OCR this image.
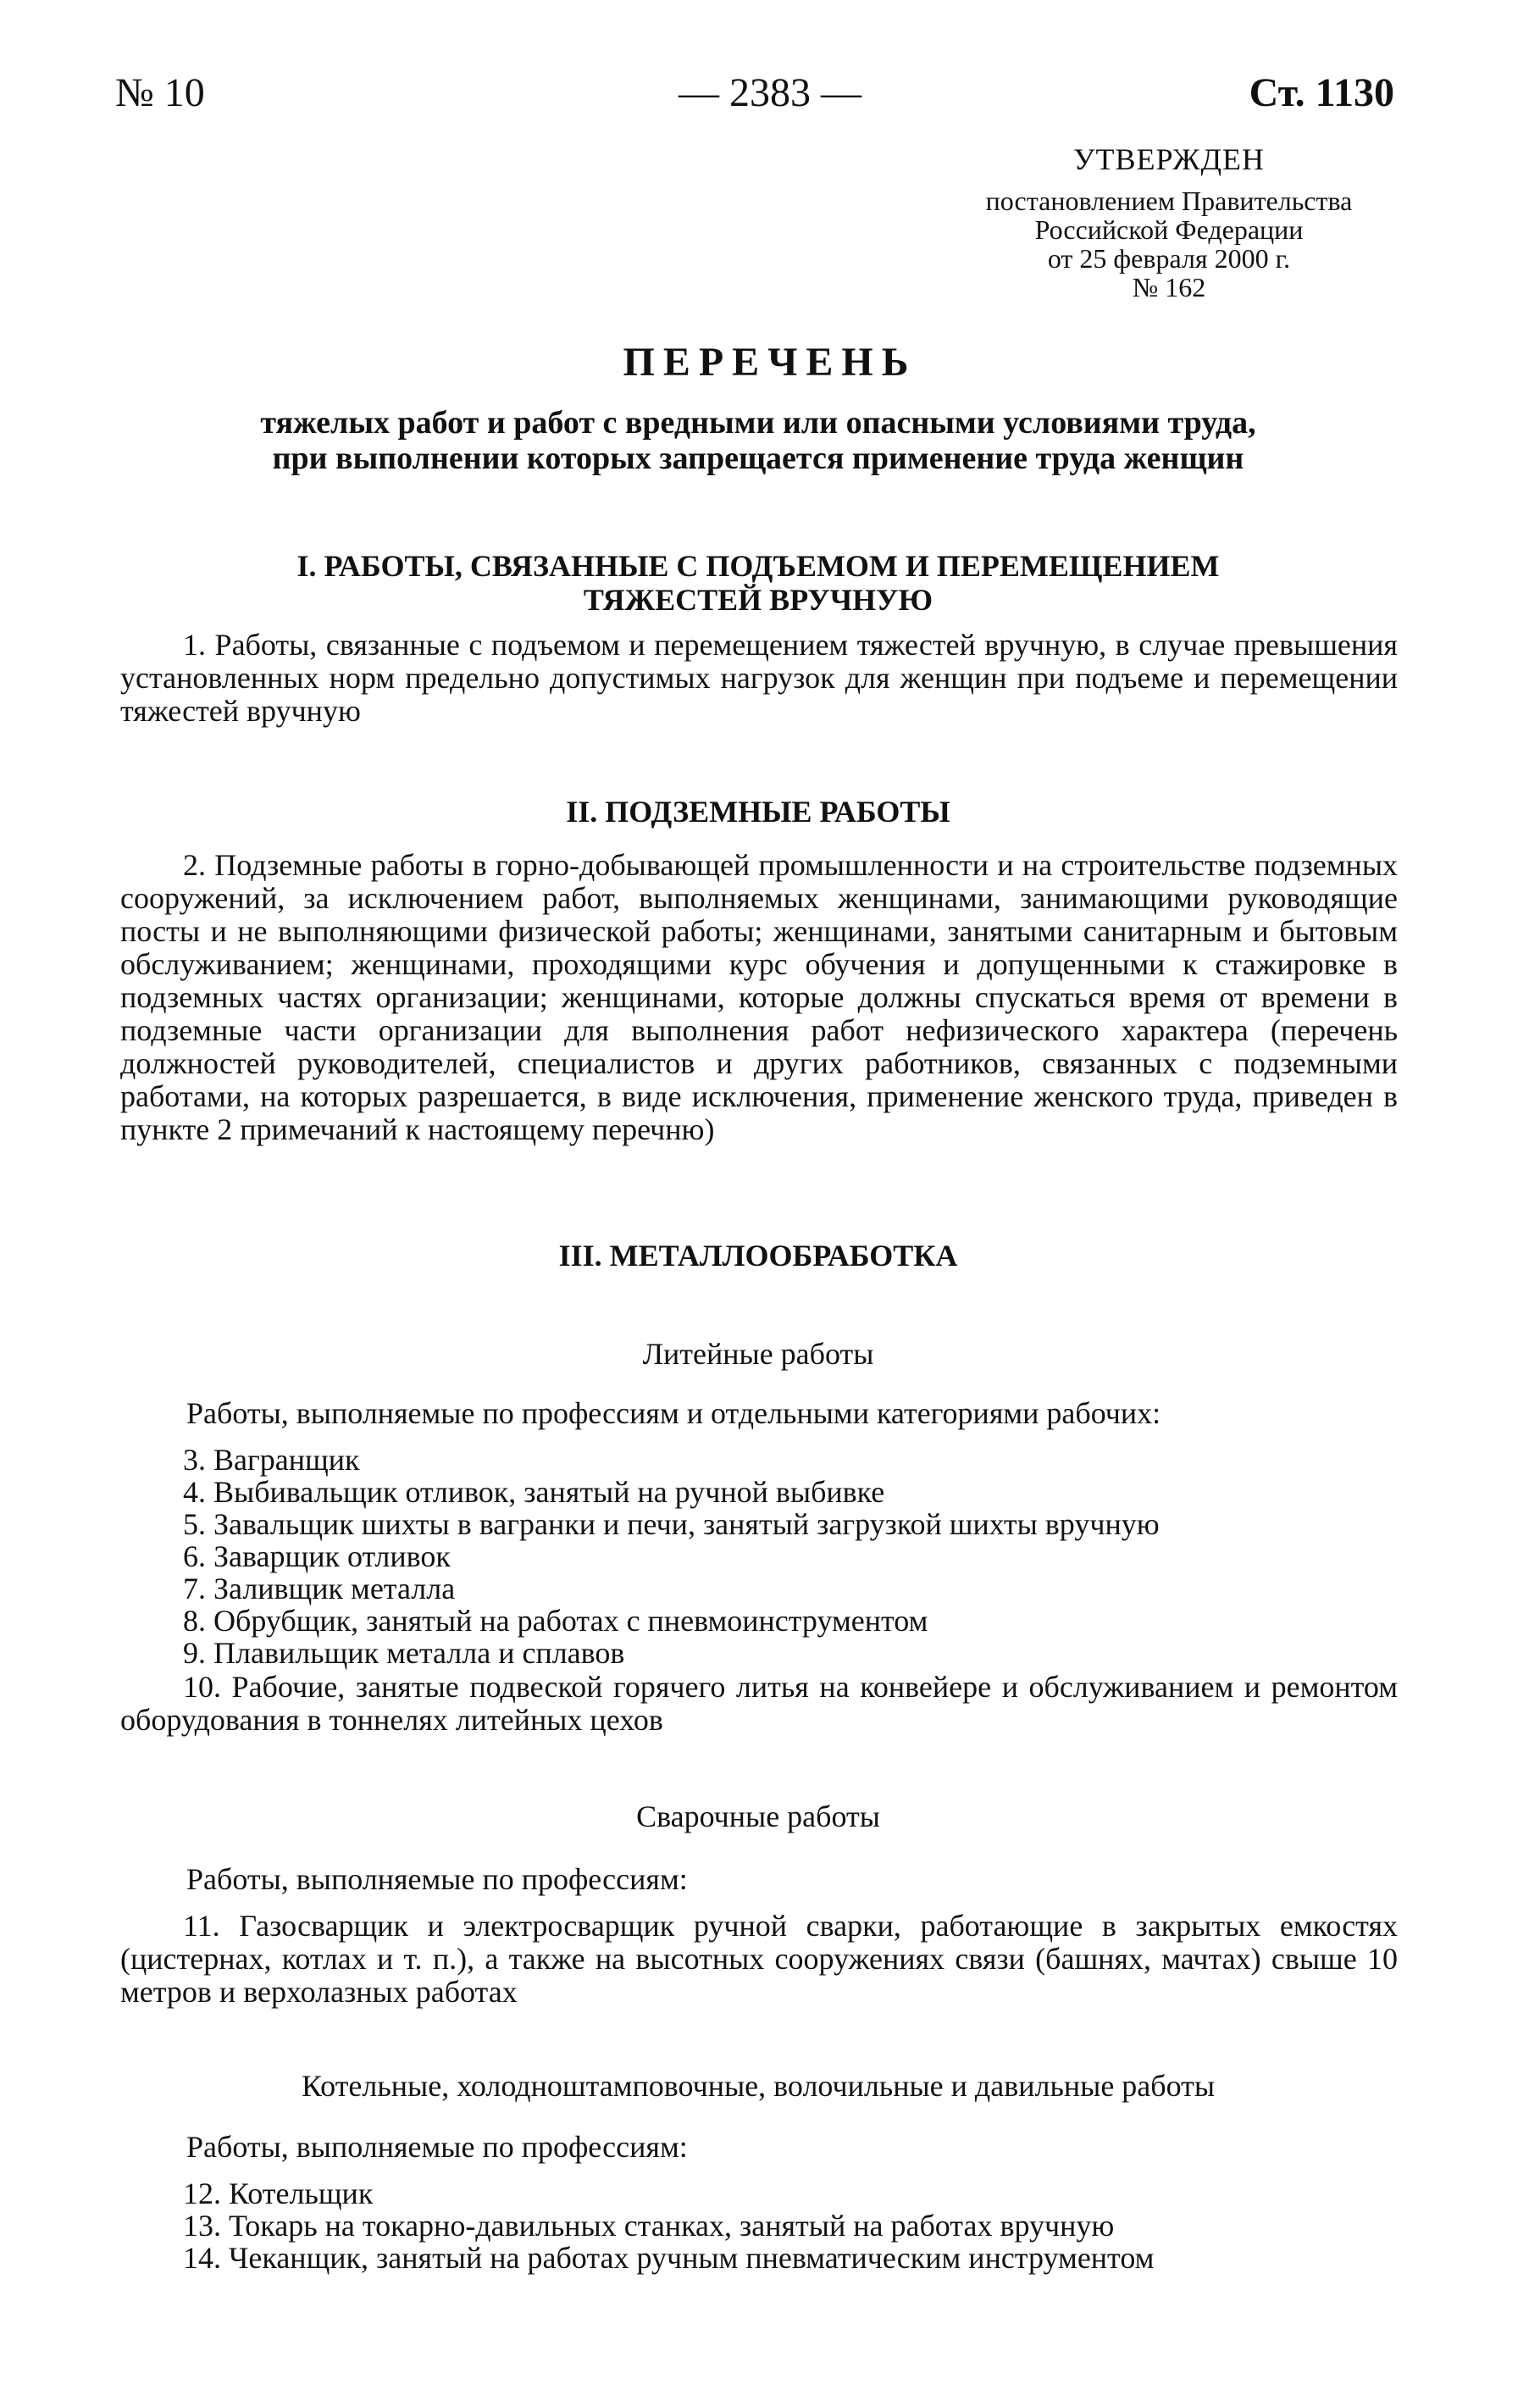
№ 10	— 2383 —	Ст. 1130
УТВЕРЖДЕН
постановлением Правительства
Российской Федерации
от 25 февраля 2000 г.
№ 162
ПЕРЕЧЕНЬ
тяжелых работ и работ с вредными или опасными условиями труда,
при выполнении которых запрещается применение труда женщин
I. РАБОТЫ, СВЯЗАННЫЕ С ПОДЪЕМОМ И ПЕРЕМЕЩЕНИЕМ
ТЯЖЕСТЕЙ ВРУЧНУЮ

1. Работы, связанные с подъемом и перемещением тяжестей вручную, в случае превышения установленных норм предельно допустимых нагрузок для женщин при подъеме и перемещении тяжестей вручную

II. ПОДЗЕМНЫЕ РАБОТЫ

2. Подземные работы в горно-добывающей промышленности и на строительстве подземных сооружений, за исключением работ, выполняемых женщинами, занимающими руководящие посты и не выполняющими физической работы; женщинами, занятыми санитарным и бытовым обслуживанием; женщинами, проходящими курс обучения и допущенными к стажировке в подземных частях организации; женщинами, которые должны спускаться время от времени в подземные части организации для выполнения работ нефизического характера (перечень должностей руководителей, специалистов и других работников, связанных с подземными работами, на которых разрешается, в виде исключения, применение женского труда, приведен в пункте 2 примечаний к настоящему перечню)

III. МЕТАЛЛООБРАБОТКА
Литейные работы
Работы, выполняемые по профессиям и отдельными категориями рабочих:
3. Вагранщик
4. Выбивальщик отливок, занятый на ручной выбивке
5. Завальщик шихты в вагранки и печи, занятый загрузкой шихты вручную
6. Заварщик отливок
7. Заливщик металла
8. Обрубщик, занятый на работах с пневмоинструментом
9. Плавильщик металла и сплавов

10. Рабочие, занятые подвеской горячего литья на конвейере и обслуживанием и ремонтом оборудования в тоннелях литейных цехов

Сварочные работы
Работы, выполняемые по профессиям:

11. Газосварщик и электросварщик ручной сварки, работающие в закрытых емкостях (цистернах, котлах и т. п.), а также на высотных сооружениях связи (башнях, мачтах) свыше 10 метров и верхолазных работах

Котельные, холодноштамповочные, волочильные и давильные работы
Работы, выполняемые по профессиям:
12. Котельщик
13. Токарь на токарно-давильных станках, занятый на работах вручную
14. Чеканщик, занятый на работах ручным пневматическим инструментом
